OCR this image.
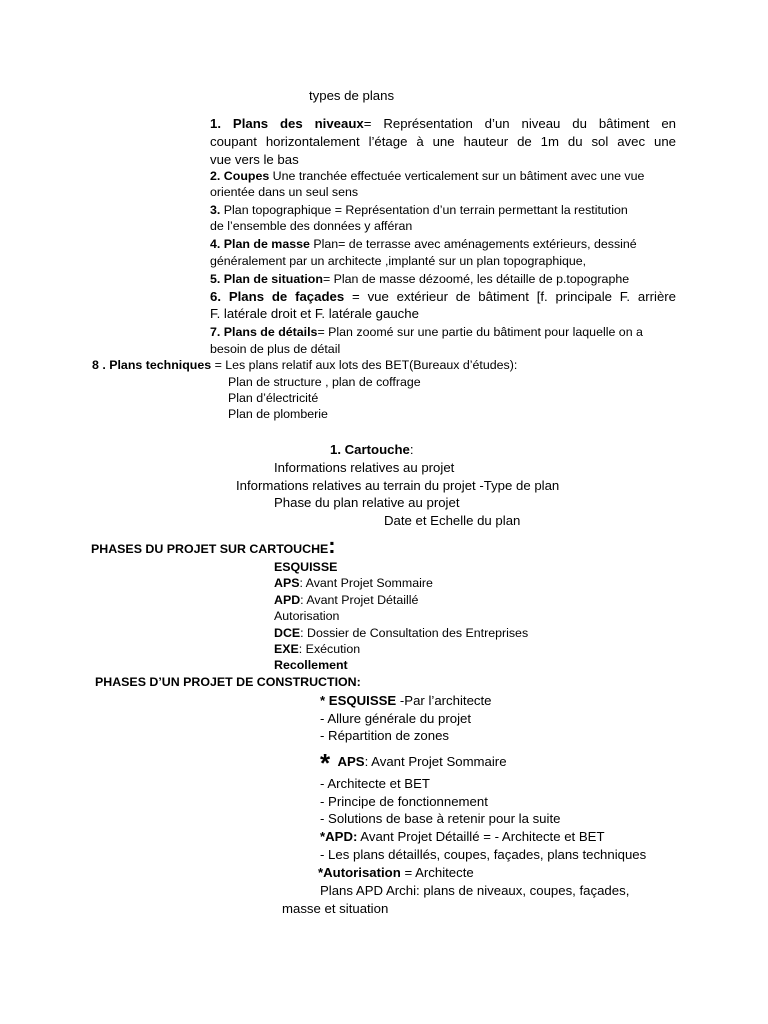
types de plans
1. Plans des niveaux= Représentation d’un niveau du bâtiment en
coupant horizontalement l’étage à une hauteur de 1m du sol avec une
vue vers le bas
2. Coupes Une tranchée effectuée verticalement sur un bâtiment avec une vue
orientée dans un seul sens
3. Plan topographique = Représentation d’un terrain permettant la restitution
de l’ensemble des données y afféran
4. Plan de masse Plan= de terrasse avec aménagements extérieurs, dessiné
généralement par un architecte ,implanté sur un plan topographique,
5. Plan de situation= Plan de masse dézoomé, les détaille de p.topographe
6. Plans de façades = vue extérieur de bâtiment [f. principale F. arrière
F. latérale droit et F. latérale gauche
7. Plans de détails= Plan zoomé sur une partie du bâtiment pour laquelle on a
besoin de plus de détail
8 . Plans techniques = Les plans relatif aux lots des BET(Bureaux d’études):
Plan de structure , plan de coffrage
Plan d’électricité
Plan de plomberie
1. Cartouche:
Informations relatives au projet
Informations relatives au terrain du projet -Type de plan
Phase du plan relative au projet
Date et Echelle du plan
PHASES DU PROJET SUR CARTOUCHE:
ESQUISSE
APS: Avant Projet Sommaire
APD: Avant Projet Détaillé
Autorisation
DCE: Dossier de Consultation des Entreprises
EXE: Exécution
Recollement
PHASES D’UN PROJET DE CONSTRUCTION:
* ESQUISSE -Par l’architecte
- Allure générale du projet
- Répartition de zones
* APS: Avant Projet Sommaire
- Architecte et BET
- Principe de fonctionnement
- Solutions de base à retenir pour la suite
*APD: Avant Projet Détaillé = - Architecte et BET
- Les plans détaillés, coupes, façades, plans techniques
*Autorisation = Architecte
Plans APD Archi: plans de niveaux, coupes, façades,
masse et situation
